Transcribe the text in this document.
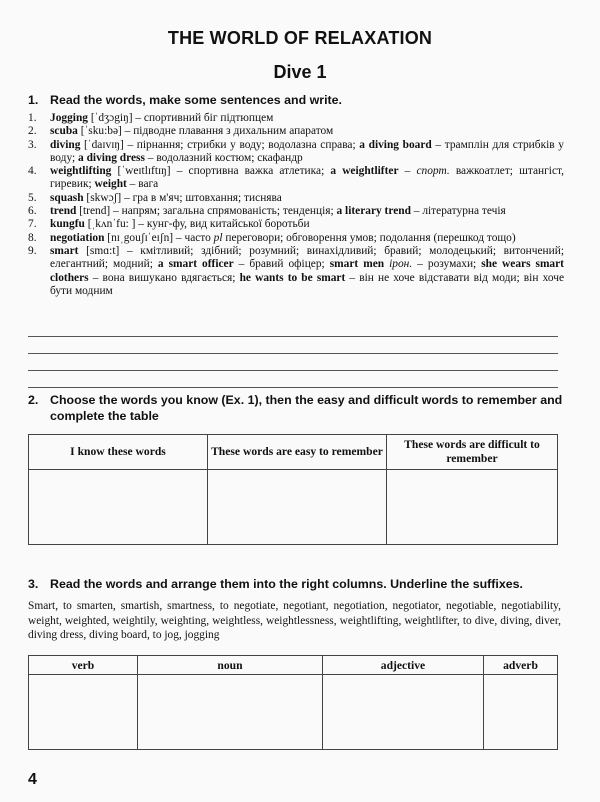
THE WORLD OF RELAXATION
Dive 1
1. Read the words, make some sentences and write.
1. Jogging [ˈdʒɔgiŋ] – спортивний біг підтюпцем
2. scuba [ˈsku:bə] – підводне плавання з дихальним апаратом
3. diving [ˈdaɪvɪŋ] – пірнання; стрибки у воду; водолазна справа; a diving board – трамплін для стрибків у воду; a diving dress – водолазний костюм; скафандр
4. weightlifting [ˈweɪtlɪftɪŋ] – спортивна важка атлетика; a weightlifter – спорт. важкоатлет; штангіст, гиревик; weight – вага
5. squash [skwɔʃ] – гра в м'яч; штовхання; тиснява
6. trend [trend] – напрям; загальна спрямованість; тенденція; a literary trend – літературна течія
7. kungfu [ˌkʌnˈfu: ] – кунг-фу, вид китайської боротьби
8. negotiation [nɪˌgouʃɪˈeɪʃn] – часто pl переговори; обговорення умов; подолання (перешкод тощо)
9. smart [smɑ:t] – кмітливий; здібний; розумний; винахідливий; бравий; молодецький; витончений; елегантний; модний; a smart officer – бравий офіцер; smart men ірон. – розумахи; she wears smart clothers – вона вишукано вдягається; he wants to be smart – він не хоче відставати від моди; він хоче бути модним
2. Choose the words you know (Ex. 1), then the easy and difficult words to remember and
complete the table
I know these words	These words are easy to remember	These words are difficult to remember

3. Read the words and arrange them into the right columns. Underline the suffixes.
Smart, to smarten, smartish, smartness, to negotiate, negotiant, negotiation, negotiator, negotiable, negotiability, weight, weighted, weightily, weighting, weightless, weightlessness, weightlifting, weightlifter, to dive, diving, diver, diving dress, diving board, to jog, jogging
verb	noun	adjective	adverb

4
